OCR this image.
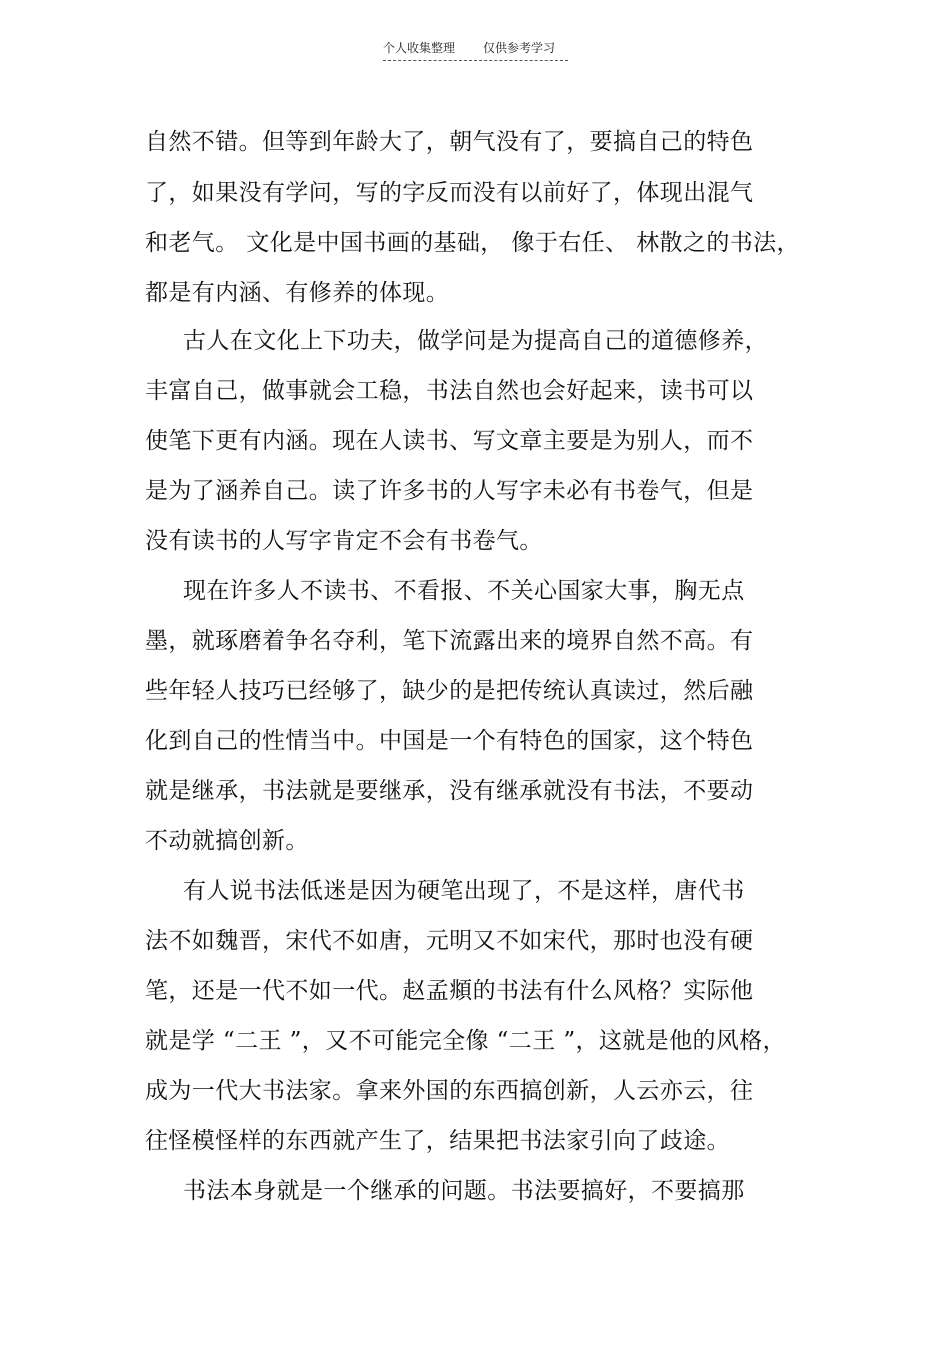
个人收集整理 仅供参考学习
自然不错。但等到年龄大了，朝气没有了，要搞自己的特色
了，如果没有学问，写的字反而没有以前好了，体现出混气
和老气。 文化是中国书画的基础， 像于右任、 林散之的书法，
都是有内涵、有修养的体现。
古人在文化上下功夫，做学问是为提高自己的道德修养，
丰富自己，做事就会工稳，书法自然也会好起来，读书可以
使笔下更有内涵。现在人读书、写文章主要是为别人，而不
是为了涵养自己。读了许多书的人写字未必有书卷气，但是
没有读书的人写字肯定不会有书卷气。
现在许多人不读书、不看报、不关心国家大事，胸无点
墨，就琢磨着争名夺利，笔下流露出来的境界自然不高。有
些年轻人技巧已经够了，缺少的是把传统认真读过，然后融
化到自己的性情当中。中国是一个有特色的国家，这个特色
就是继承，书法就是要继承，没有继承就没有书法，不要动
不动就搞创新。
有人说书法低迷是因为硬笔出现了，不是这样，唐代书
法不如魏晋，宋代不如唐，元明又不如宋代，那时也没有硬
笔，还是一代不如一代。赵孟頫的书法有什么风格？实际他
就是学 “二王 ”，又不可能完全像 “二王 ”，这就是他的风格，
成为一代大书法家。拿来外国的东西搞创新，人云亦云，往
往怪模怪样的东西就产生了，结果把书法家引向了歧途。
书法本身就是一个继承的问题。书法要搞好，不要搞那
